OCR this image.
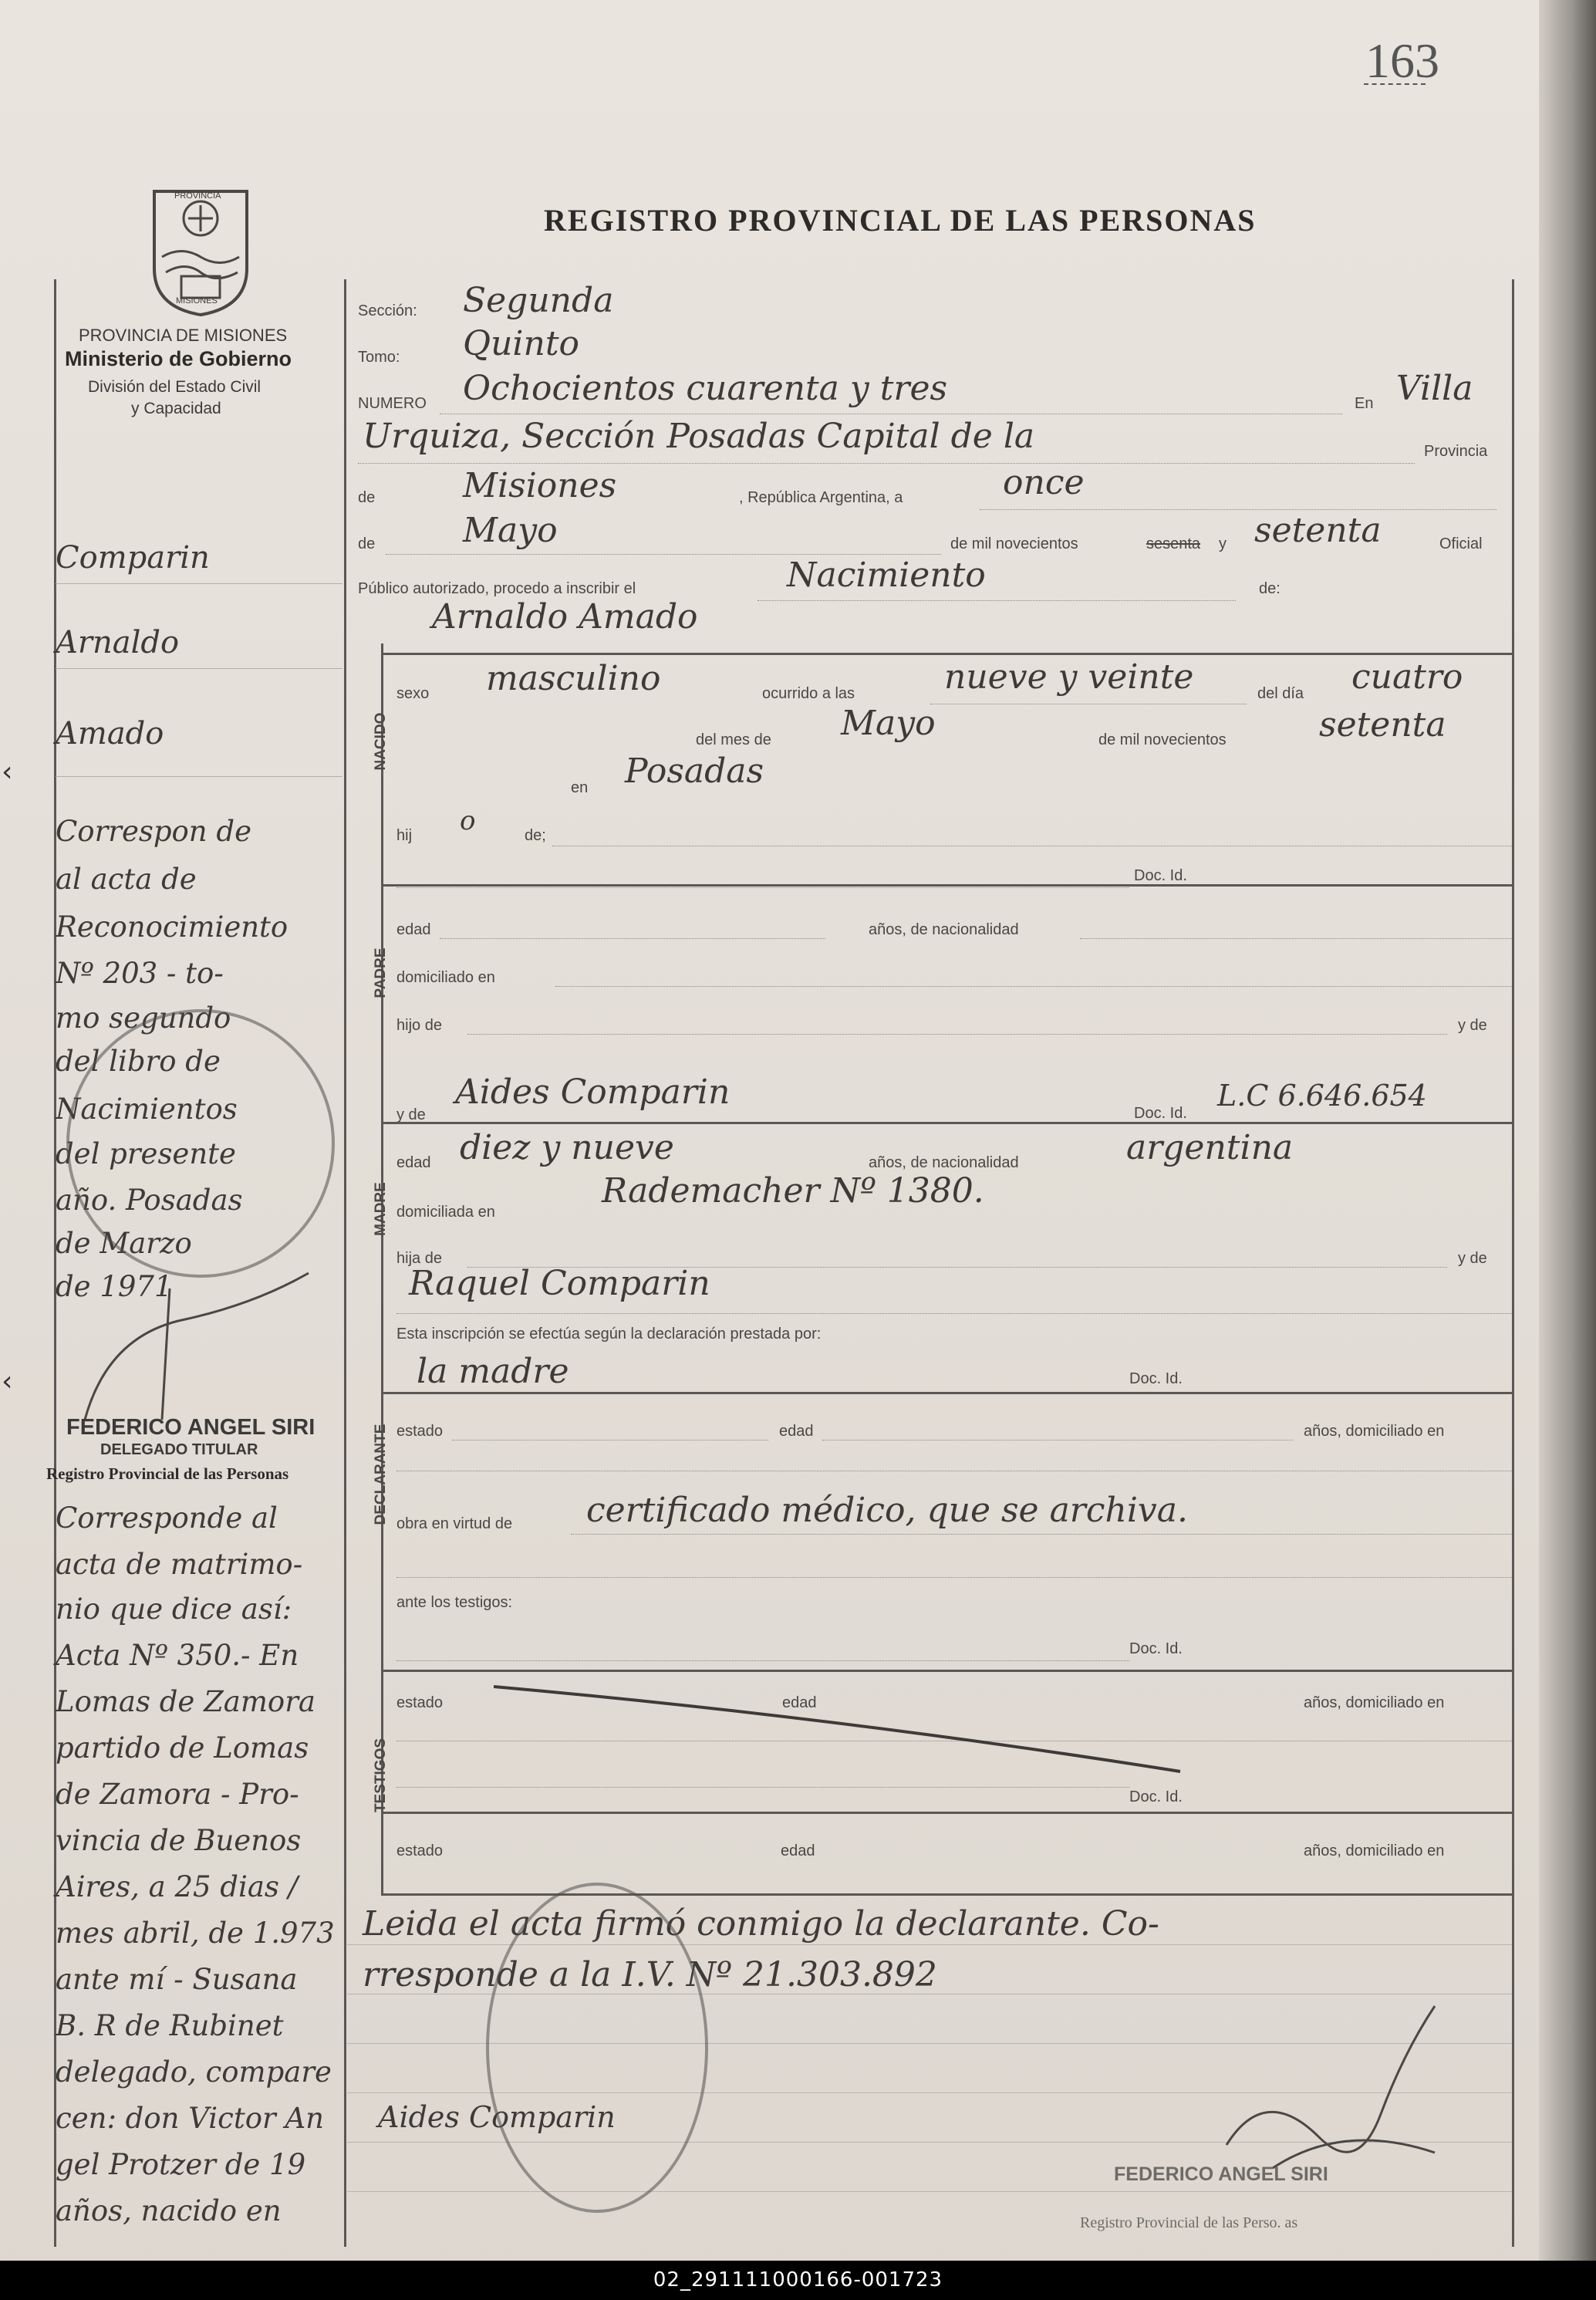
163
REGISTRO PROVINCIAL DE LAS PERSONAS
PROVINCIA
MISIONES
PROVINCIA DE MISIONES
Ministerio de Gobierno
División del Estado Civil
y Capacidad
Sección: Segunda
Tomo: Quinto
NUMERO Ochocientos cuarenta y tres	En Villa
Urquiza, Sección Posadas Capital de la	Provincia
de	Misiones	, República Argentina, a	once
de	Mayo	de mil novecientos	sesenta y setenta	Oficial
Público autorizado, procedo a inscribir el	Nacimiento	de:
Arnaldo Amado
NACIDO
sexo masculino	ocurrido a las	nueve y veinte	del día cuatro
del mes de Mayo	de mil novecientos	setenta
en Posadas
hij o	de;
Doc. Id.
PADRE
edad	años, de nacionalidad
domiciliado en
hijo de	y de
y de
Aides Comparin
Doc. Id.
L.C 6.646.654
MADRE
edad diez y nueve	años, de nacionalidad	argentina
domiciliada en
Rademacher Nº 1380.
hija de	y de
Raquel Comparin
Esta inscripción se efectúa según la declaración prestada por:
la madre	Doc. Id.
DECLARANTE estado	edad	años, domiciliado en
obra en virtud de certificado médico, que se archiva.
ante los testigos:
Doc. Id.
TESTIGOS
estado	edad	años, domiciliado en
Doc. Id.
estado	edad	años, domiciliado en
Leida el acta firmó conmigo la declarante. Co-
rresponde a la I.V. Nº 21.303.892
Aides Comparin
FEDERICO ANGEL SIRI
Registro Provincial de las Perso. as
Comparin
Arnaldo
Amado
Correspon de
al acta de
Reconocimiento
Nº 203 - to-
mo segundo
del libro de
Nacimientos
del presente
año. Posadas
de Marzo
de 1971
FEDERICO ANGEL SIRI
DELEGADO TITULAR
Registro Provincial de las Personas
Corresponde al
acta de matrimo-
nio que dice así:
Acta Nº 350.- En
Lomas de Zamora
partido de Lomas
de Zamora - Pro-
vincia de Buenos
Aires, a 25 dias /
mes abril, de 1.973
ante mí - Susana
B. R de Rubinet
delegado, compare
cen: don Victor An
gel Protzer de 19
años, nacido en
‹
‹
02_291111000166-001723
